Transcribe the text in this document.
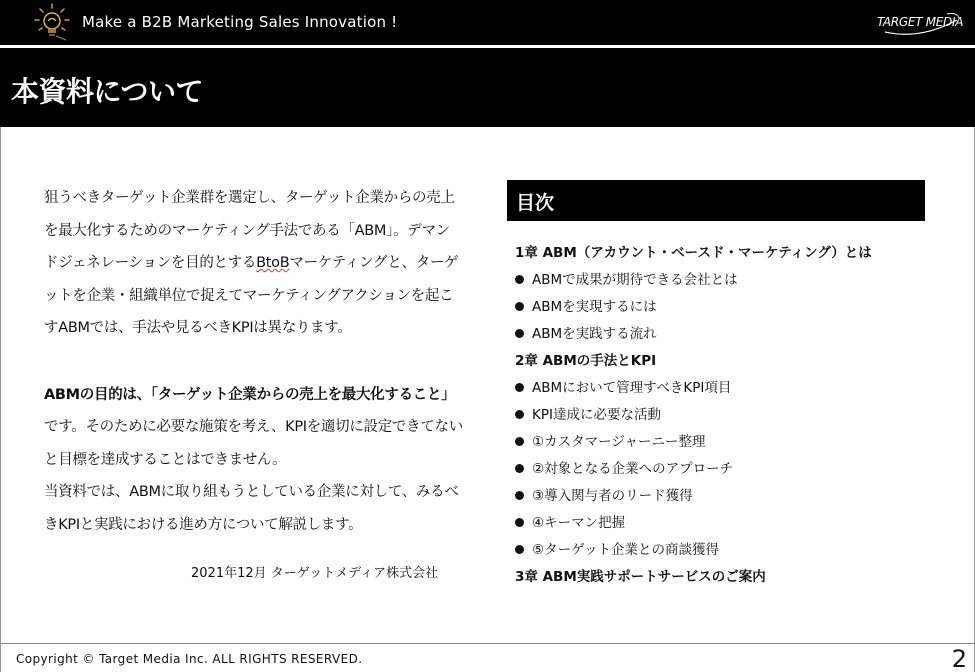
Make a B2B Marketing Sales Innovation !	TARGET MEDIA
本資料について

狙うべきターゲット企業群を選定し、ターゲット企業からの売上を最大化するためのマーケティング手法である「ABM」。デマンドジェネレーションを目的とするBtoBマーケティングと、ターゲットを企業・組織単位で捉えてマーケティングアクションを起こすABMでは、手法や見るべきKPIは異なります。

ABMの目的は、「ターゲット企業からの売上を最大化すること」です。そのために必要な施策を考え、KPIを適切に設定できてないと目標を達成することはできません。
当資料では、ABMに取り組もうとしている企業に対して、みるべきKPIと実践における進め方について解説します。

2021年12月 ターゲットメディア株式会社
目次
1章 ABM（アカウント・ベースド・マーケティング）とは
ABMで成果が期待できる会社とは
ABMを実現するには
ABMを実践する流れ
2章 ABMの手法とKPI
ABMにおいて管理すべきKPI項目
KPI達成に必要な活動
①カスタマージャーニー整理
②対象となる企業へのアプローチ
③導入関与者のリード獲得
④キーマン把握
⑤ターゲット企業との商談獲得
3章 ABM実践サポートサービスのご案内
Copyright © Target Media Inc. ALL RIGHTS RESERVED.	2
